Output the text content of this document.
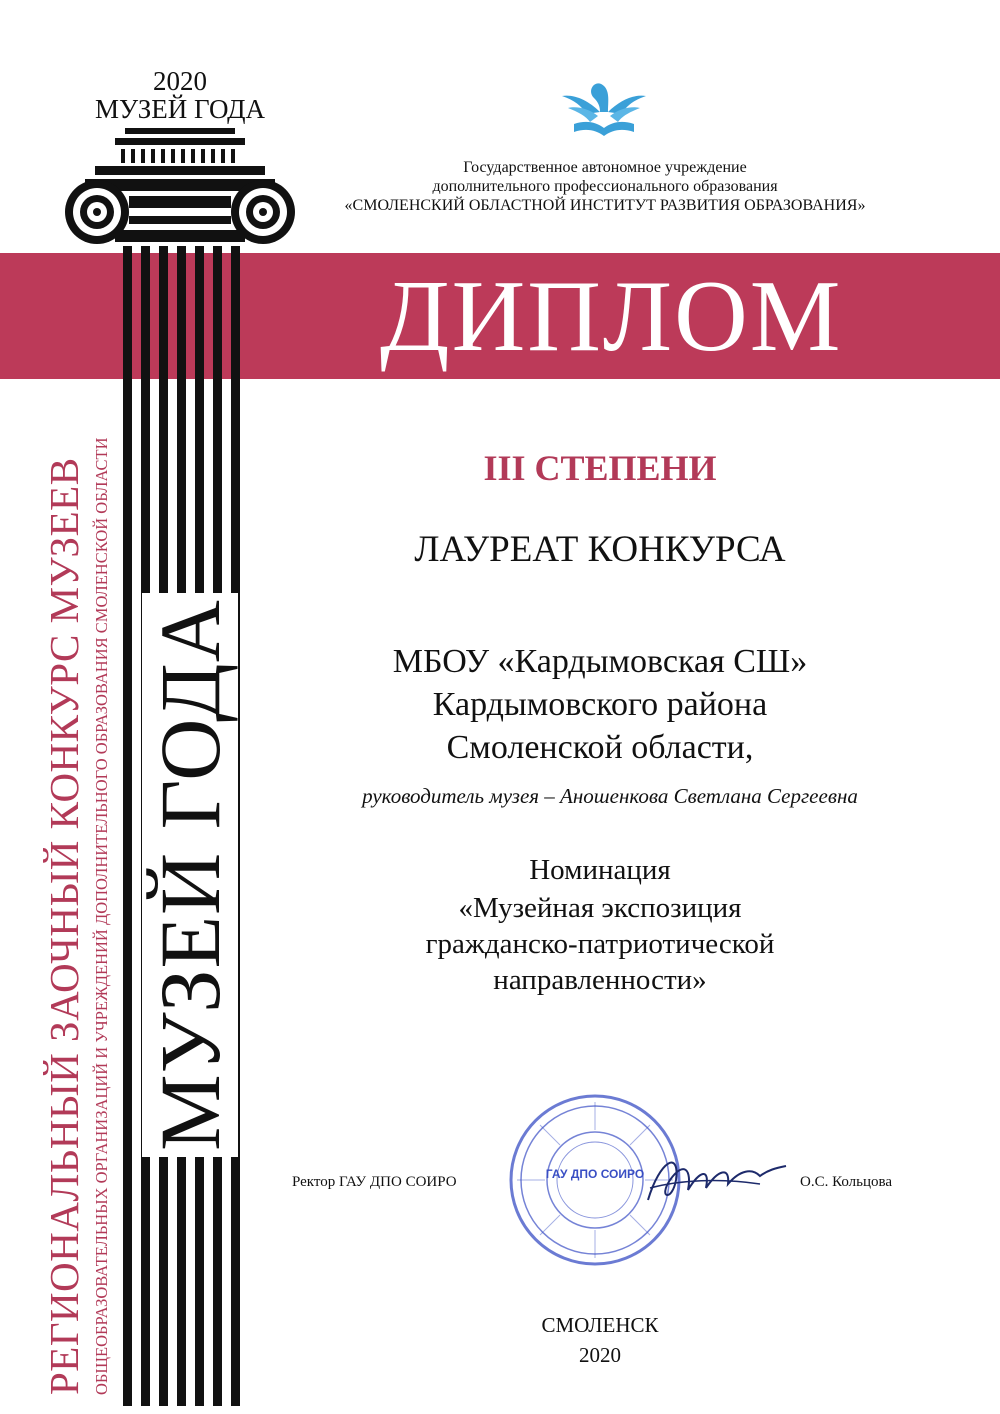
ДИПЛОМ
2020
МУЗЕЙ ГОДА
РЕГИОНАЛЬНЫЙ ЗАОЧНЫЙ КОНКУРС МУЗЕЕВ ОБЩЕОБРАЗОВАТЕЛЬНЫХ ОРГАНИЗАЦИЙ И УЧРЕЖДЕНИЙ ДОПОЛНИТЕЛЬНОГО ОБРАЗОВАНИЯ СМОЛЕНСКОЙ ОБЛАСТИ МУЗЕЙ ГОДА
Государственное автономное учреждение
дополнительного профессионального образования
«СМОЛЕНСКИЙ ОБЛАСТНОЙ ИНСТИТУТ РАЗВИТИЯ ОБРАЗОВАНИЯ»
III СТЕПЕНИ
ЛАУРЕАТ КОНКУРСА
МБОУ «Кардымовская СШ»
Кардымовского района
Смоленской области,
руководитель музея – Аношенкова Светлана Сергеевна
Номинация
«Музейная экспозиция
гражданско-патриотической
направленности»
ГАУ ДПО СОИРО
Ректор ГАУ ДПО СОИРО	О.С. Кольцова
СМОЛЕНСК
2020
